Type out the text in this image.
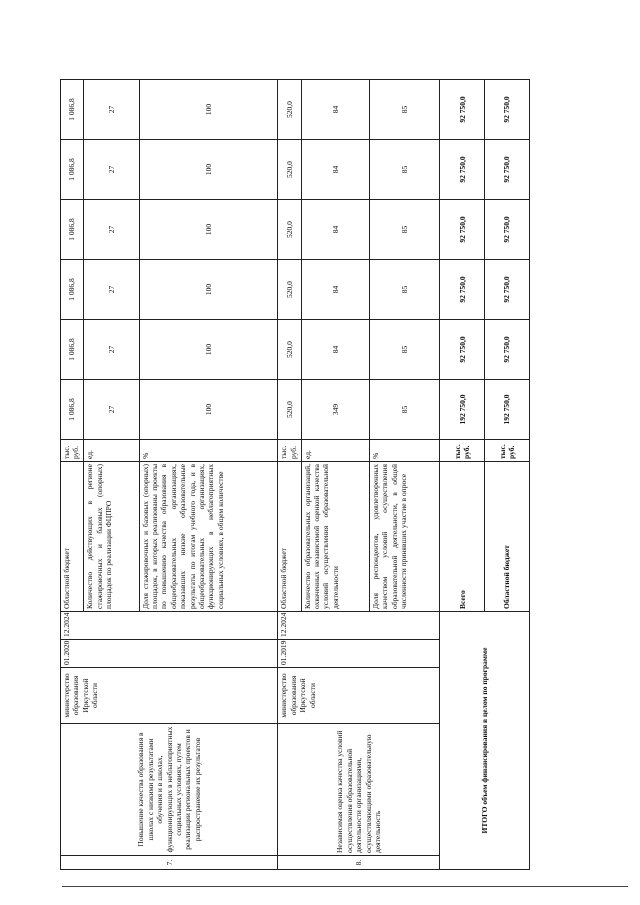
7.	Повышение качества образования в школах с низкими результатами обучения и в школах, функционирующих в неблагоприятных социальных условиях, путем реализации региональных проектов и распространение их результатов	министерство образования Иркутской области	01.2020	12.2024	Областной бюджет	тыс. руб.	1 086,8	1 086,8	1 086,8	1 086,8	1 086,8	1 086,8
					Количество действующих в регионе стажировочных и базовых (опорных) площадок по реализации ФЦПРО	ед.	27	27	27	27	27	27
					Доля стажировочных и базовых (опорных) площадок, в которых реализованы проекты по повышению качества образования в общеобразовательных организациях, показавших низкие образовательные результаты по итогам учебного года, и в общеобразовательных организациях, функционирующих в неблагоприятных социальных условиях, в общем количестве	%	100	100	100	100	100	100
8.	Независимая оценка качества условий осуществления образовательной деятельности организациями, осуществляющими образовательную деятельность	министерство образования Иркутской области	01.2019	12.2024	Областной бюджет	тыс. руб.	520,0	520,0	520,0	520,0	520,0	520,0
					Количество образовательных организаций, охваченных независимой оценкой качества условий осуществления образовательной деятельности	ед.	349	84	84	84	84	84
					Доля респондентов, удовлетворенных качеством условий осуществления образовательной деятельности, в общей численности принявших участие в опросе	%	85	85	85	85	85	85
ИТОГО объем финансирования в целом по программе					Всего	тыс. руб.	192 750,0	92 750,0	92 750,0	92 750,0	92 750,0	92 750,0
					Областной бюджет	тыс. руб.	192 750,0	92 750,0	92 750,0	92 750,0	92 750,0	92 750,0
